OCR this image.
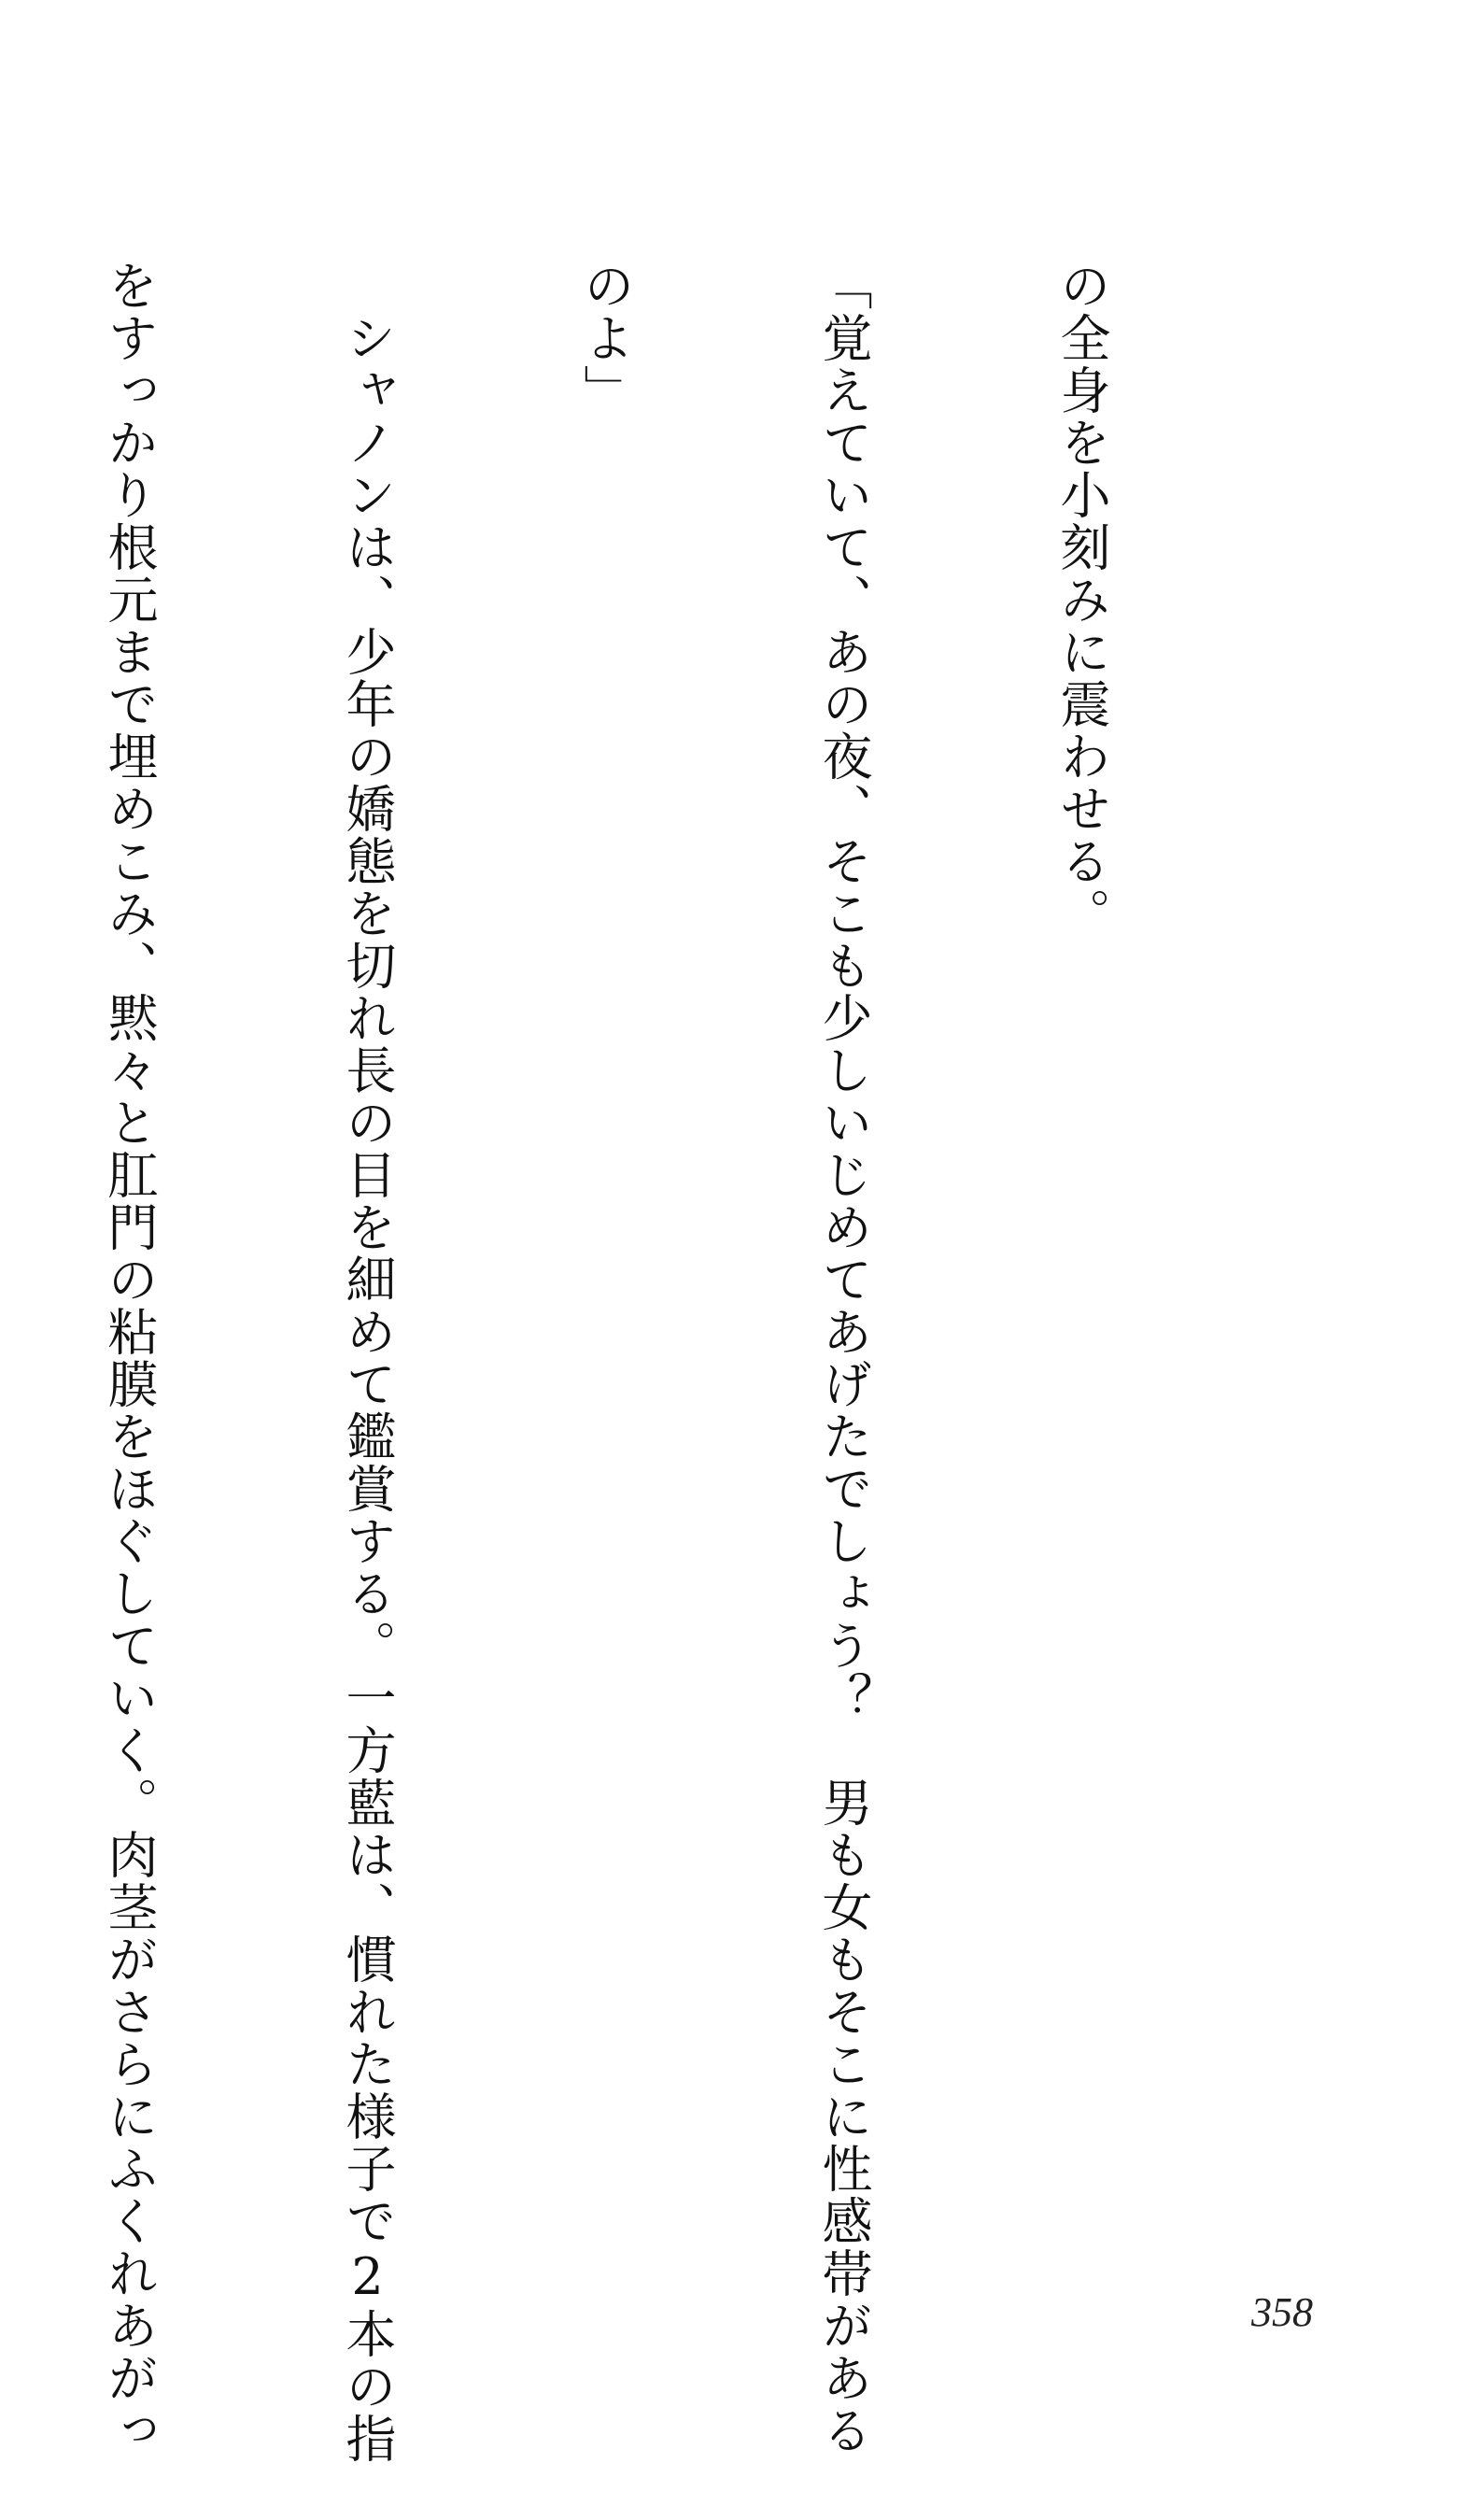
の全身を小刻みに震わせる。

「覚えていて、あの夜、そこも少しいじめてあげたでしょう？　男も女もそこに性感帯がある

のよ」

　シャノンは、少年の嬌態を切れ長の目を細めて鑑賞する。一方藍は、慣れた様子で2本の指

をすっかり根元まで埋めこみ、黙々と肛門の粘膜をほぐしていく。肉茎がさらにふくれあがっ

	358
